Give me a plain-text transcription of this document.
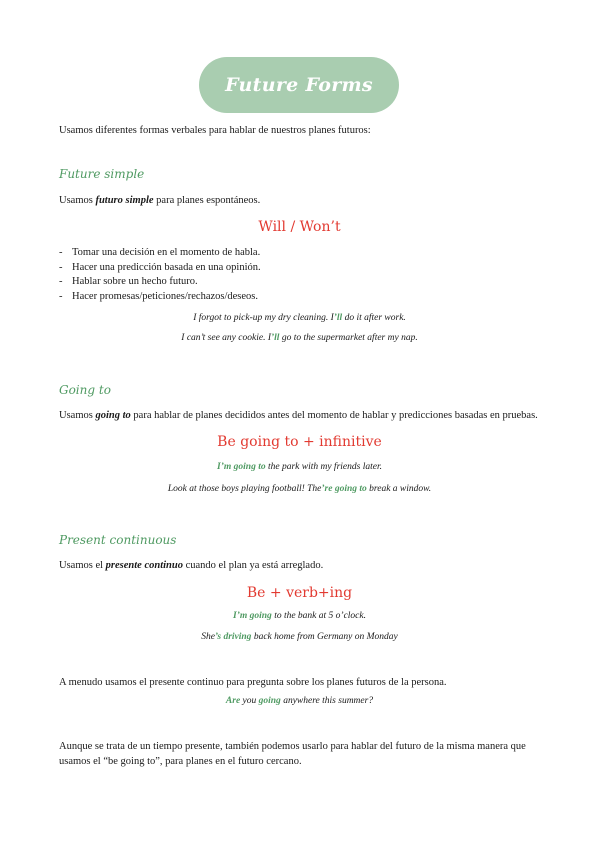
Future Forms
Usamos diferentes formas verbales para hablar de nuestros planes futuros:
Future simple
Usamos futuro simple para planes espontáneos.
Will / Won’t
- Tomar una decisión en el momento de habla.
- Hacer una predicción basada en una opinión.
- Hablar sobre un hecho futuro.
- Hacer promesas/peticiones/rechazos/deseos.
I forgot to pick-up my dry cleaning. I’ll do it after work.
I can’t see any cookie. I’ll go to the supermarket after my nap.
Going to
Usamos going to para hablar de planes decididos antes del momento de hablar y predicciones basadas en pruebas.
Be going to + infinitive
I’m going to the park with my friends later.
Look at those boys playing football! The’re going to break a window.
Present continuous
Usamos el presente continuo cuando el plan ya está arreglado.
Be + verb+ing
I’m going to the bank at 5 o’clock.
She’s driving back home from Germany on Monday
A menudo usamos el presente continuo para pregunta sobre los planes futuros de la persona.
Are you going anywhere this summer?
Aunque se trata de un tiempo presente, también podemos usarlo para hablar del futuro de la misma manera que
usamos el “be going to”, para planes en el futuro cercano.
